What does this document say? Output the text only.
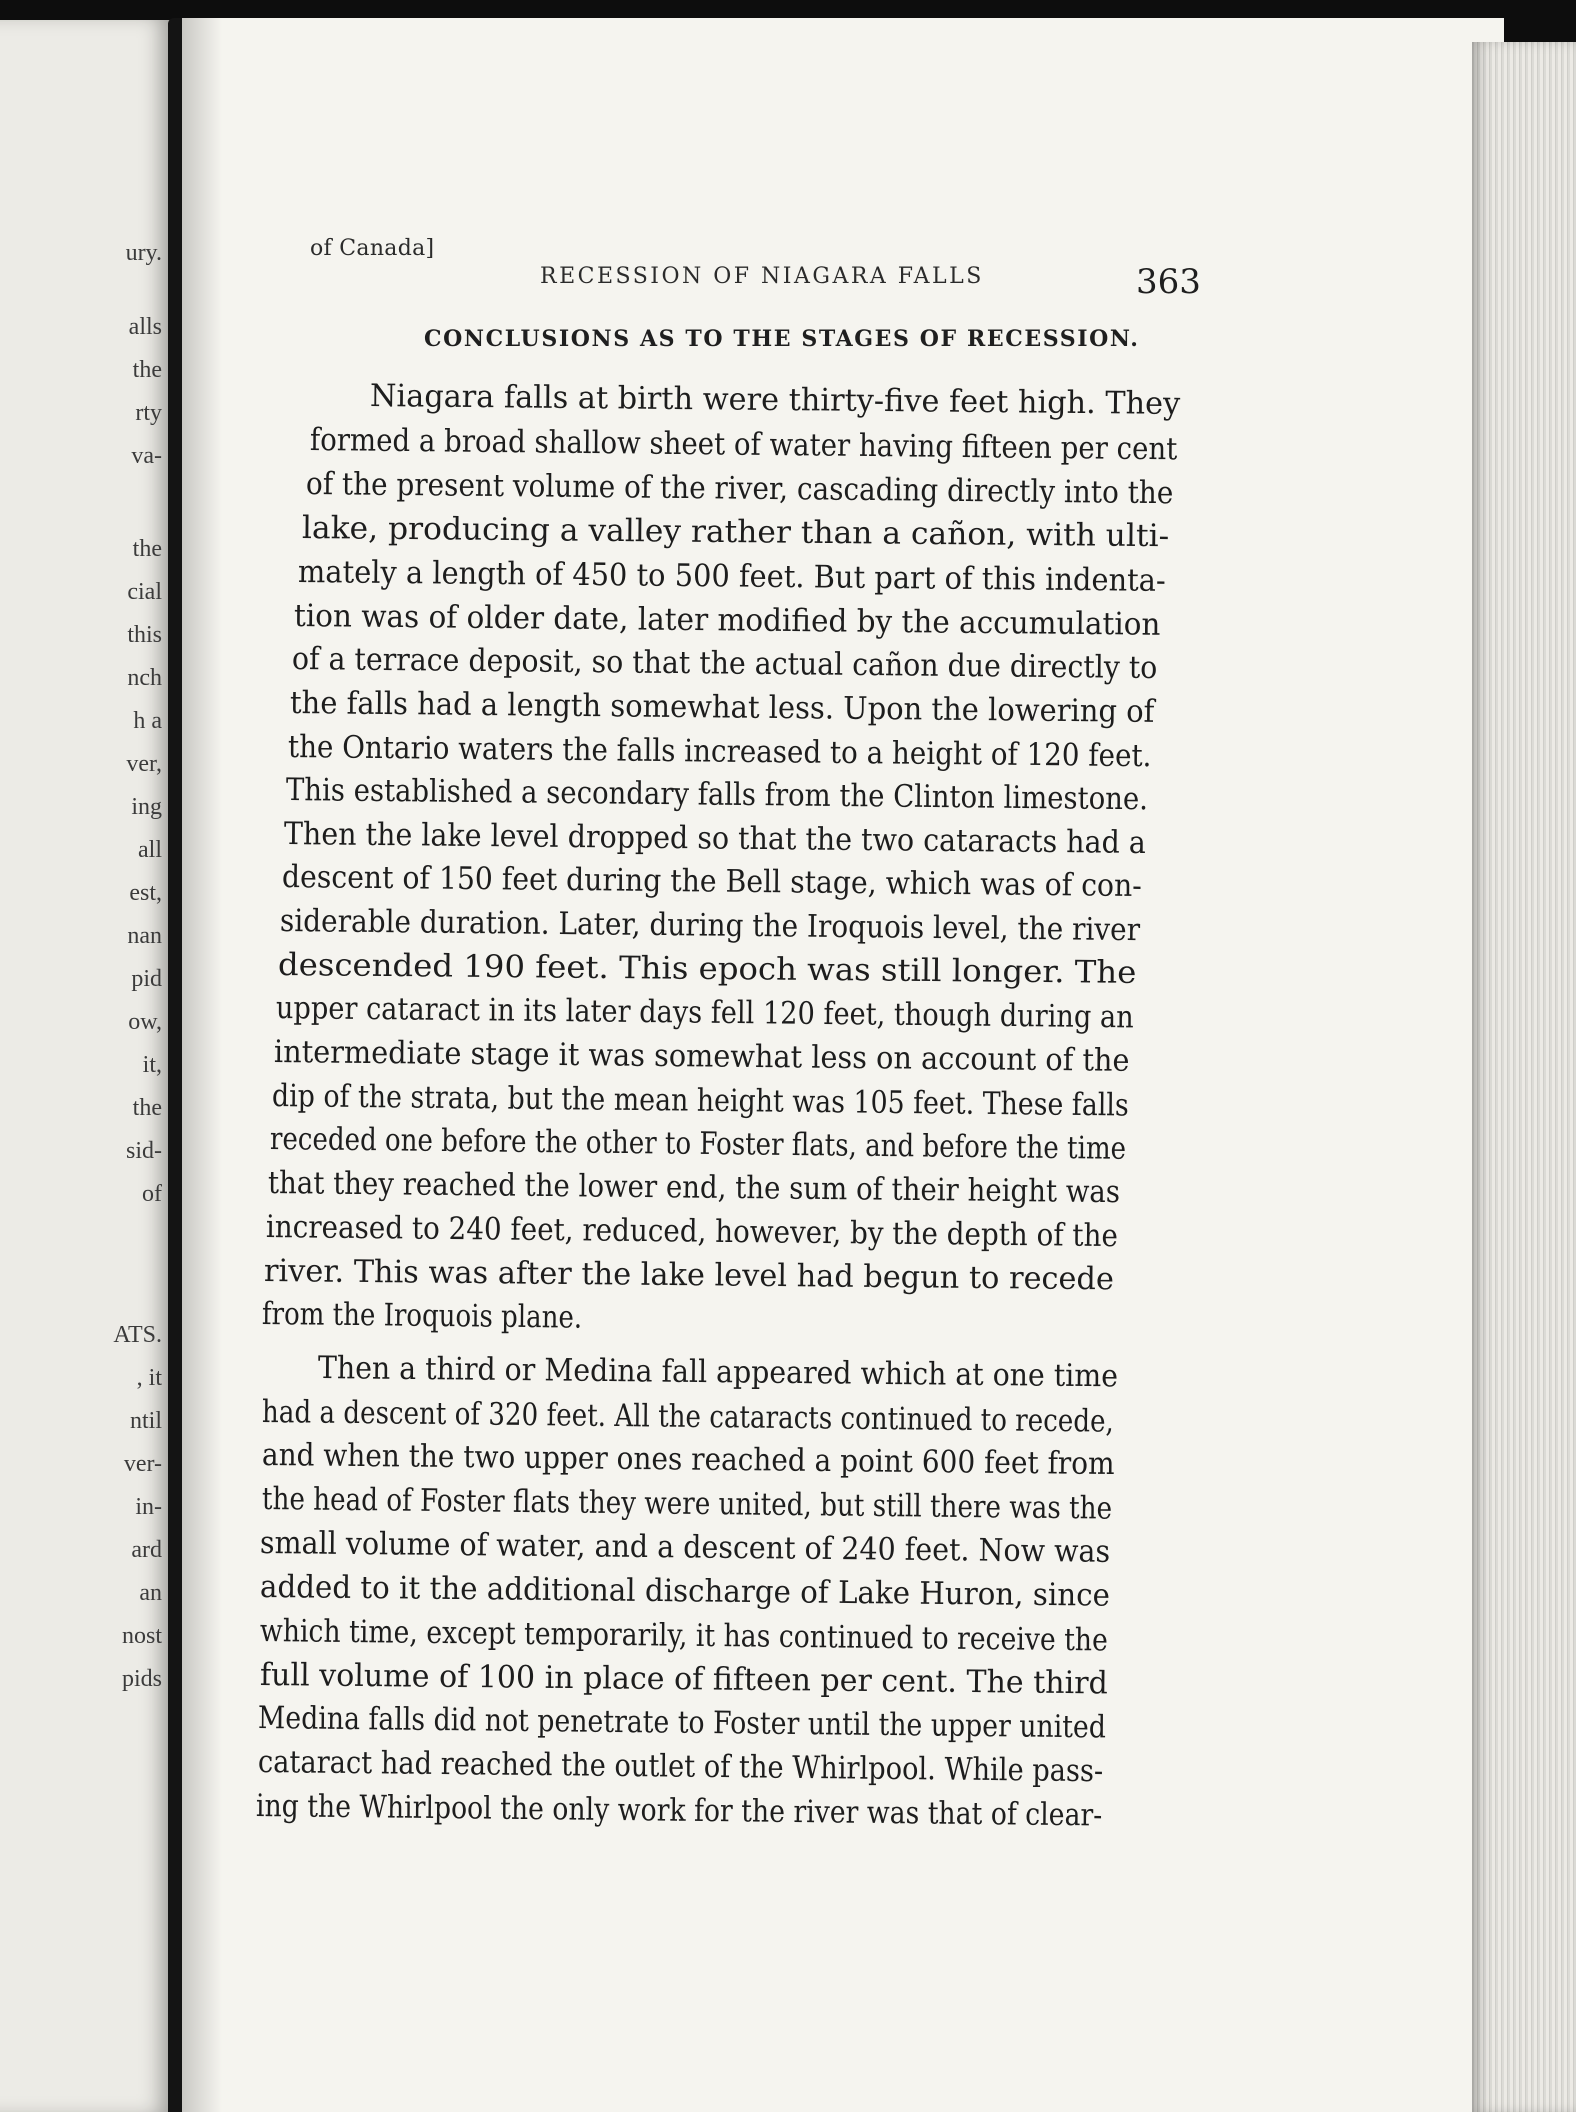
ury.
alls
the
rty
va-
the
cial
this
nch
h a
ver,
ing
all
est,
nan
pid
ow,
it,
the
sid-
of
ATS.
, it
ntil
ver-
in-
ard
an
nost
pids
of Canada]
RECESSION OF NIAGARA FALLS	363
CONCLUSIONS AS TO THE STAGES OF RECESSION.
Niagara falls at birth were thirty-five feet high. They
formed a broad shallow sheet of water having fifteen per cent
of the present volume of the river, cascading directly into the
lake, producing a valley rather than a cañon, with ulti-
mately a length of 450 to 500 feet. But part of this indenta-
tion was of older date, later modified by the accumulation
of a terrace deposit, so that the actual cañon due directly to
the falls had a length somewhat less. Upon the lowering of
the Ontario waters the falls increased to a height of 120 feet.
This established a secondary falls from the Clinton limestone.
Then the lake level dropped so that the two cataracts had a
descent of 150 feet during the Bell stage, which was of con-
siderable duration. Later, during the Iroquois level, the river
descended 190 feet. This epoch was still longer. The
upper cataract in its later days fell 120 feet, though during an
intermediate stage it was somewhat less on account of the
dip of the strata, but the mean height was 105 feet. These falls
receded one before the other to Foster flats, and before the time
that they reached the lower end, the sum of their height was
increased to 240 feet, reduced, however, by the depth of the
river. This was after the lake level had begun to recede
from the Iroquois plane.
Then a third or Medina fall appeared which at one time
had a descent of 320 feet. All the cataracts continued to recede,
and when the two upper ones reached a point 600 feet from
the head of Foster flats they were united, but still there was the
small volume of water, and a descent of 240 feet. Now was
added to it the additional discharge of Lake Huron, since
which time, except temporarily, it has continued to receive the
full volume of 100 in place of fifteen per cent. The third
Medina falls did not penetrate to Foster until the upper united
cataract had reached the outlet of the Whirlpool. While pass-
ing the Whirlpool the only work for the river was that of clear-
